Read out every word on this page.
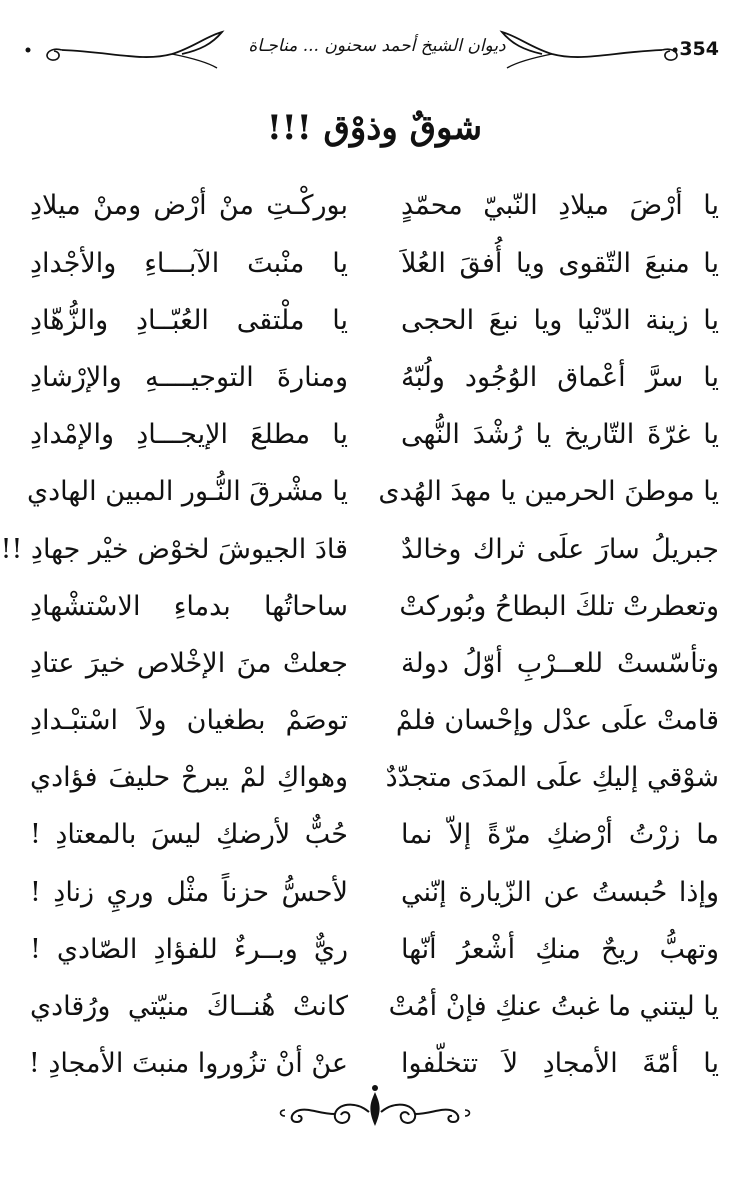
ديوان الشيخ أحمد سحنون ... مناجـاة	354
شوقٌ وذوْق !!!
يا أرْضَ ميلادِ النّبيّ محمّدٍ
بوركْـتِ منْ أرْض ومنْ ميلادِ
يا منبعَ التّقوى ويا أُفقَ العُلاَ
يا منْبتَ الآبـــاءِ والأجْدادِ
يا زينة الدّنْيا ويا نبعَ الحجى
يا ملْتقى العُبّــادِ والزُّهّادِ
يا سرَّ أعْماق الوُجُود ولُبّهُ
ومنارةَ التوجيــــهِ والإرْشادِ
يا غرّةَ التّاريخ يا رُشْدَ النُّهى
يا مطلعَ الإيجـــادِ والإمْدادِ
يا موطنَ الحرمين يا مهدَ الهُدى
يا مشْرقَ النُّـور المبين الهادي
جبريلُ سارَ علَى ثراك وخالدٌ
قادَ الجيوشَ لخوْض خيْر جهادِ !!
وتعطرتْ تلكَ البطاحُ وبُوركتْ
ساحاتُها بدماءِ الاسْتشْهادِ
وتأسّستْ للعــرْبِ أوّلُ دولة
جعلتْ منَ الإخْلاص خيرَ عتادِ
قامتْ علَى عدْل وإحْسان فلمْ
توصَمْ بطغيان ولاَ اسْتبْـدادِ
شوْقي إليكِ علَى المدَى متجدّدٌ
وهواكِ لمْ يبرحْ حليفَ فؤادي
ما زرْتُ أرْضكِ مرّةً إلاّ نما
حُبٌّ لأرضكِ ليسَ بالمعتادِ !
وإذا حُبستُ عن الزّيارة إنّني
لأحسُّ حزناً مثْل وريِ زنادِ !
وتهبُّ ريحٌ منكِ أشْعرُ أنّها
ريٌّ وبــرءٌ للفؤادِ الصّادي !
يا ليتني ما غبتُ عنكِ فإنْ أمُتْ
كانتْ هُنــاكَ منيّتي ورُقادي
يا أمّةَ الأمجادِ لاَ تتخلّفوا
عنْ أنْ تزُوروا منبتَ الأمجادِ !
